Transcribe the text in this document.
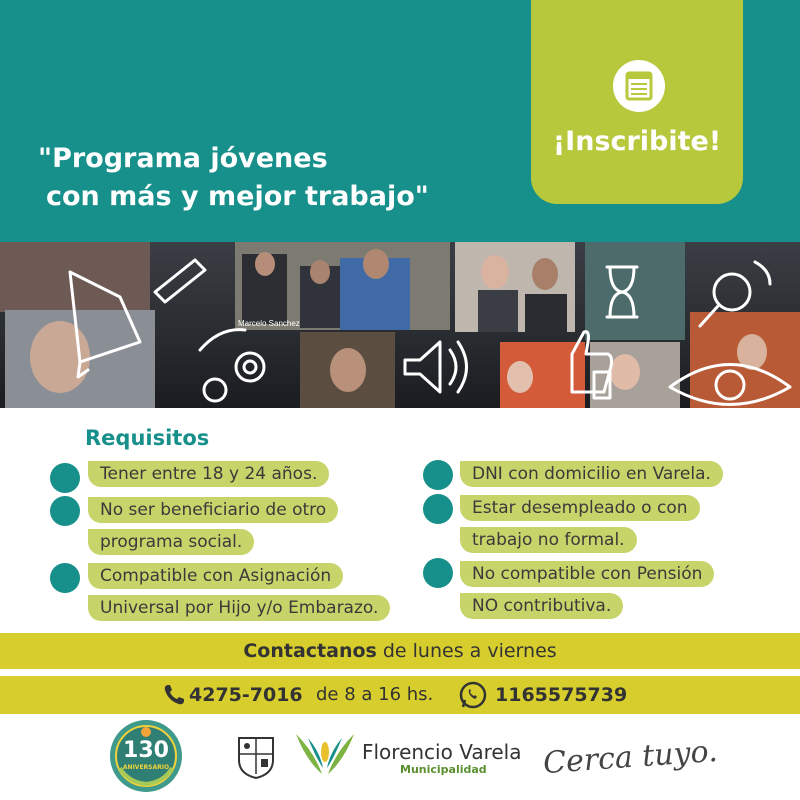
"Programa jóvenes
con más y mejor trabajo"
¡Inscribite!
Marcelo Sanchez
Requisitos
Tener entre 18 y 24 años.
No ser beneficiario de otro
programa social.
Compatible con Asignación
Universal por Hijo y/o Embarazo.
DNI con domicilio en Varela.
Estar desempleado o con
trabajo no formal.
No compatible con Pensión
NO contributiva.
Contactanos de lunes a viernes
4275-7016 de 8 a 16 hs.	1165575739
130
ANIVERSARIO
Florencio Varela
Municipalidad Cerca tuyo.
